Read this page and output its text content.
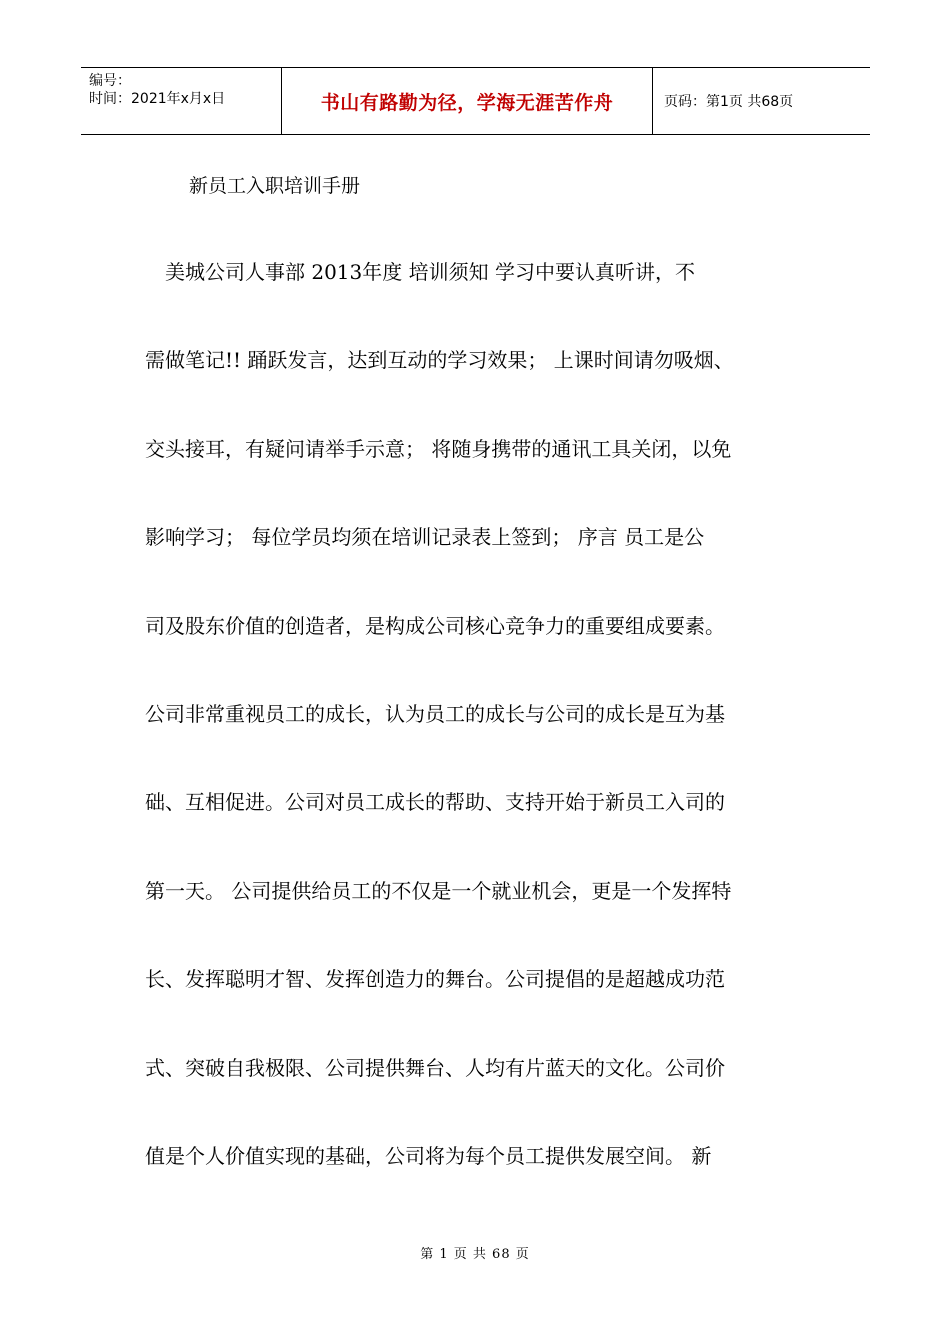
编号：
时间：2021年x月x日	书山有路勤为径，学海无涯苦作舟	页码：第1页 共68页
新员工入职培训手册
　美城公司人事部 2013年度 培训须知 学习中要认真听讲，不
需做笔记!! 踊跃发言，达到互动的学习效果； 上课时间请勿吸烟、
交头接耳，有疑问请举手示意； 将随身携带的通讯工具关闭，以免
影响学习； 每位学员均须在培训记录表上签到； 序言 员工是公
司及股东价值的创造者，是构成公司核心竞争力的重要组成要素。
公司非常重视员工的成长，认为员工的成长与公司的成长是互为基
础、互相促进。公司对员工成长的帮助、支持开始于新员工入司的
第一天。 公司提供给员工的不仅是一个就业机会，更是一个发挥特
长、发挥聪明才智、发挥创造力的舞台。公司提倡的是超越成功范
式、突破自我极限、公司提供舞台、人均有片蓝天的文化。公司价
值是个人价值实现的基础，公司将为每个员工提供发展空间。 新
第 1 页 共 68 页
